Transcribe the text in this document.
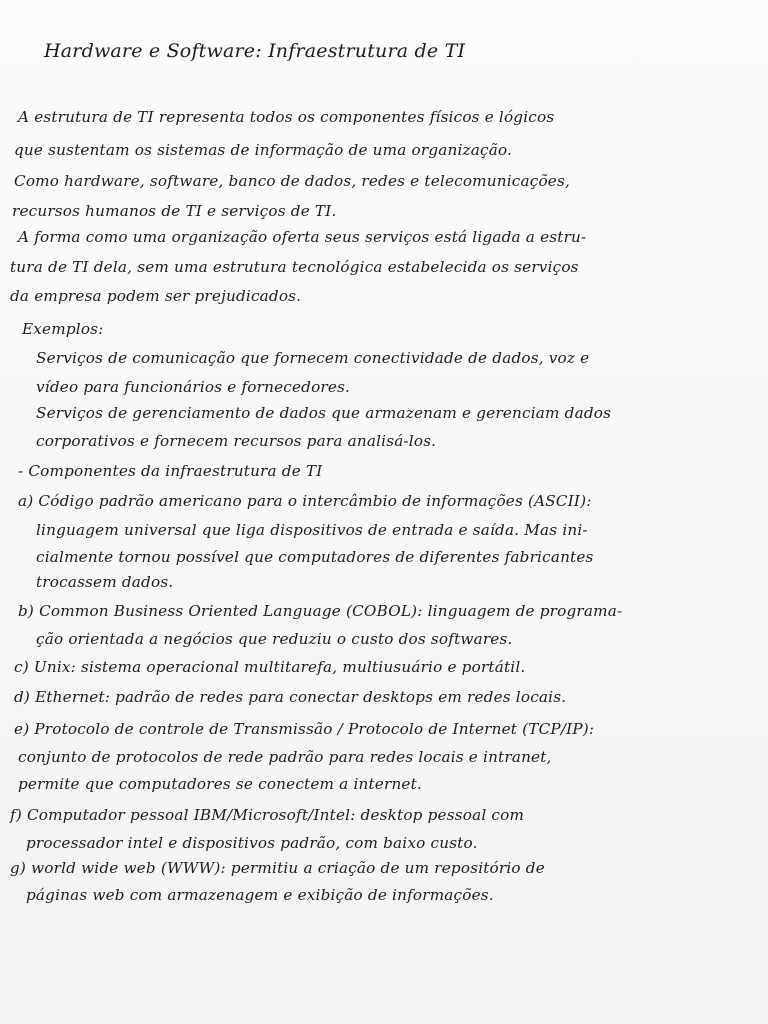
Hardware e Software: Infraestrutura de TI
A estrutura de TI representa todos os componentes físicos e lógicos
que sustentam os sistemas de informação de uma organização.
Como hardware, software, banco de dados, redes e telecomunicações,
recursos humanos de TI e serviços de TI.
A forma como uma organização oferta seus serviços está ligada a estru-
tura de TI dela, sem uma estrutura tecnológica estabelecida os serviços
da empresa podem ser prejudicados.
Exemplos:
Serviços de comunicação que fornecem conectividade de dados, voz e
vídeo para funcionários e fornecedores.
Serviços de gerenciamento de dados que armazenam e gerenciam dados
corporativos e fornecem recursos para analisá-los.
- Componentes da infraestrutura de TI
a) Código padrão americano para o intercâmbio de informações (ASCII):
linguagem universal que liga dispositivos de entrada e saída. Mas ini-
cialmente tornou possível que computadores de diferentes fabricantes
trocassem dados.
b) Common Business Oriented Language (COBOL): linguagem de programa-
ção orientada a negócios que reduziu o custo dos softwares.
c) Unix: sistema operacional multitarefa, multiusuário e portátil.
d) Ethernet: padrão de redes para conectar desktops em redes locais.
e) Protocolo de controle de Transmissão / Protocolo de Internet (TCP/IP):
conjunto de protocolos de rede padrão para redes locais e intranet,
permite que computadores se conectem a internet.
f) Computador pessoal IBM/Microsoft/Intel: desktop pessoal com
processador intel e dispositivos padrão, com baixo custo.
g) world wide web (WWW): permitiu a criação de um repositório de
páginas web com armazenagem e exibição de informações.
